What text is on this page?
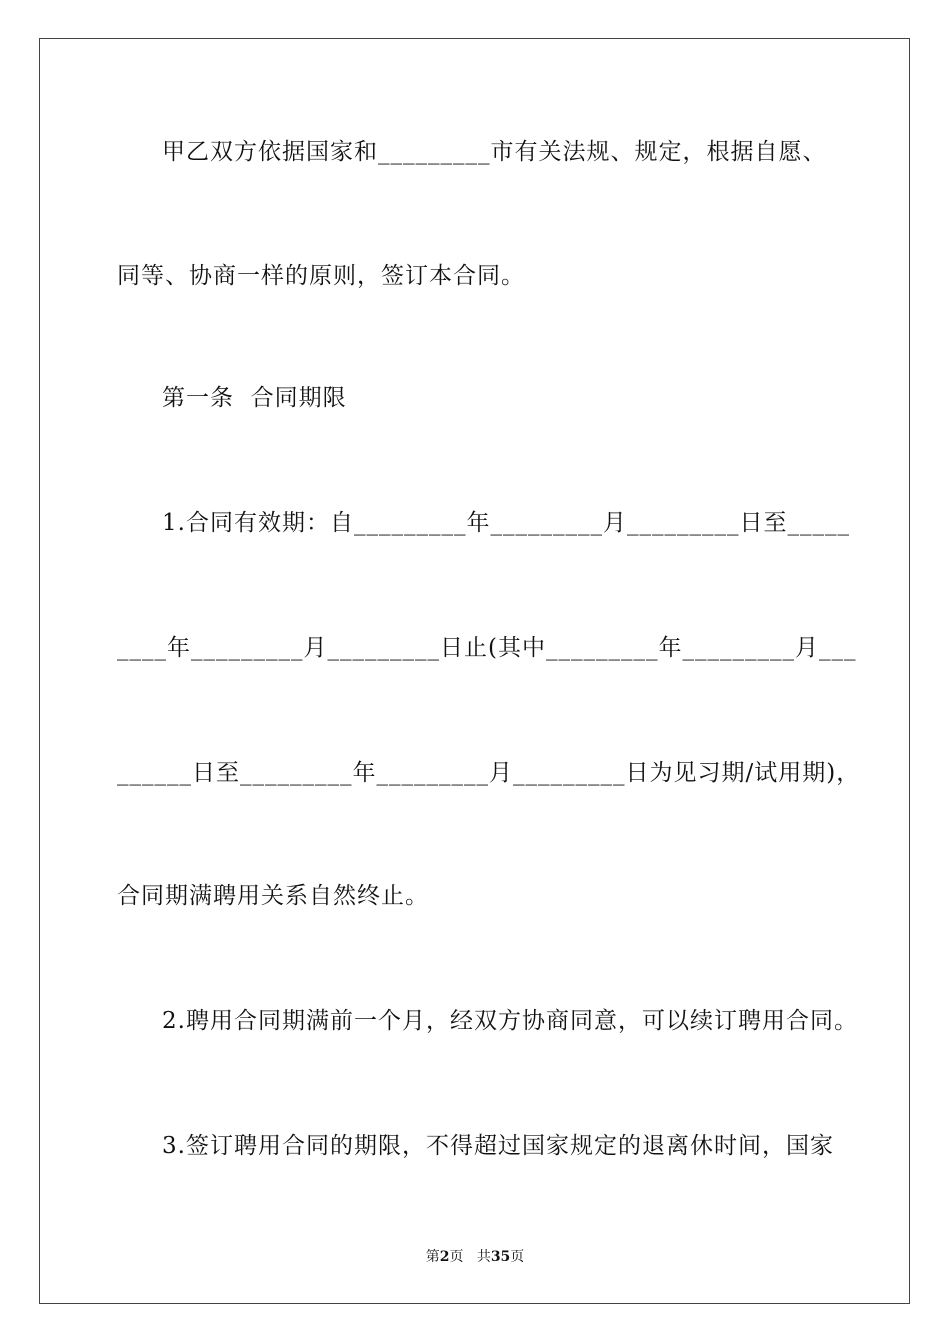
甲乙双方依据国家和_________市有关法规、规定，根据自愿、
同等、协商一样的原则，签订本合同。
第一条  合同期限
1.合同有效期：自_________年_________月_________日至_____
____年_________月_________日止(其中_________年_________月___
______日至_________年_________月_________日为见习期/试用期)，
合同期满聘用关系自然终止。
2.聘用合同期满前一个月，经双方协商同意，可以续订聘用合同。
3.签订聘用合同的期限，不得超过国家规定的退离休时间，国家
第2页 共35页
